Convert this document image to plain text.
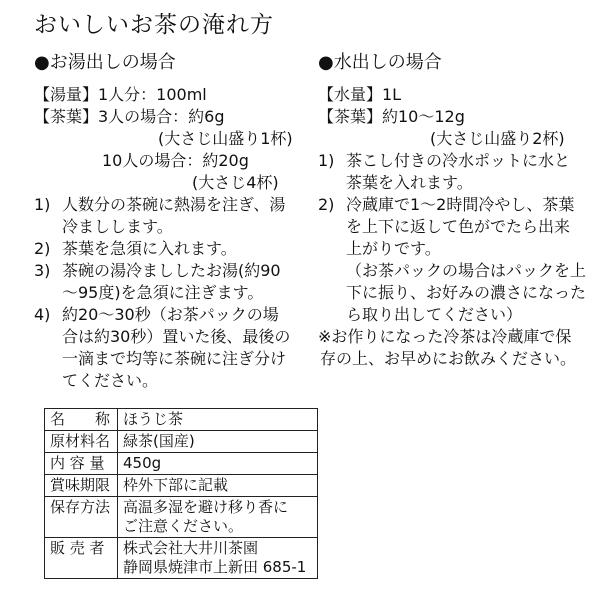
おいしいお茶の淹れ方
●お湯出しの場合
【湯量】1人分：100ml
【茶葉】3人の場合：約6g
(大さじ山盛り1杯)
10人の場合：約20g
(大さじ4杯)
1) 人数分の茶碗に熱湯を注ぎ、湯
冷ましします。
2) 茶葉を急須に入れます。
3) 茶碗の湯冷まししたお湯(約90
〜95度)を急須に注ぎます。
4) 約20〜30秒（お茶パックの場
合は約30秒）置いた後、最後の
一滴まで均等に茶碗に注ぎ分け
てください。
●水出しの場合
【水量】1L
【茶葉】約10〜12g
(大さじ山盛り2杯)
1) 茶こし付きの冷水ポットに水と
茶葉を入れます。
2) 冷蔵庫で1〜2時間冷やし、茶葉
を上下に返して色がでたら出来
上がりです。
（お茶パックの場合はパックを上
下に振り、お好みの濃さになった
ら取り出してください）
※お作りになった冷茶は冷蔵庫で保
存の上、お早めにお飲みください。
名　　称	ほうじ茶

原材料名	緑茶(国産)

内 容 量	450g

賞味期限	枠外下部に記載

保存方法	高温多湿を避け移り香に
ご注意ください。

販 売 者	株式会社大井川茶園
静岡県焼津市上新田 685-1
